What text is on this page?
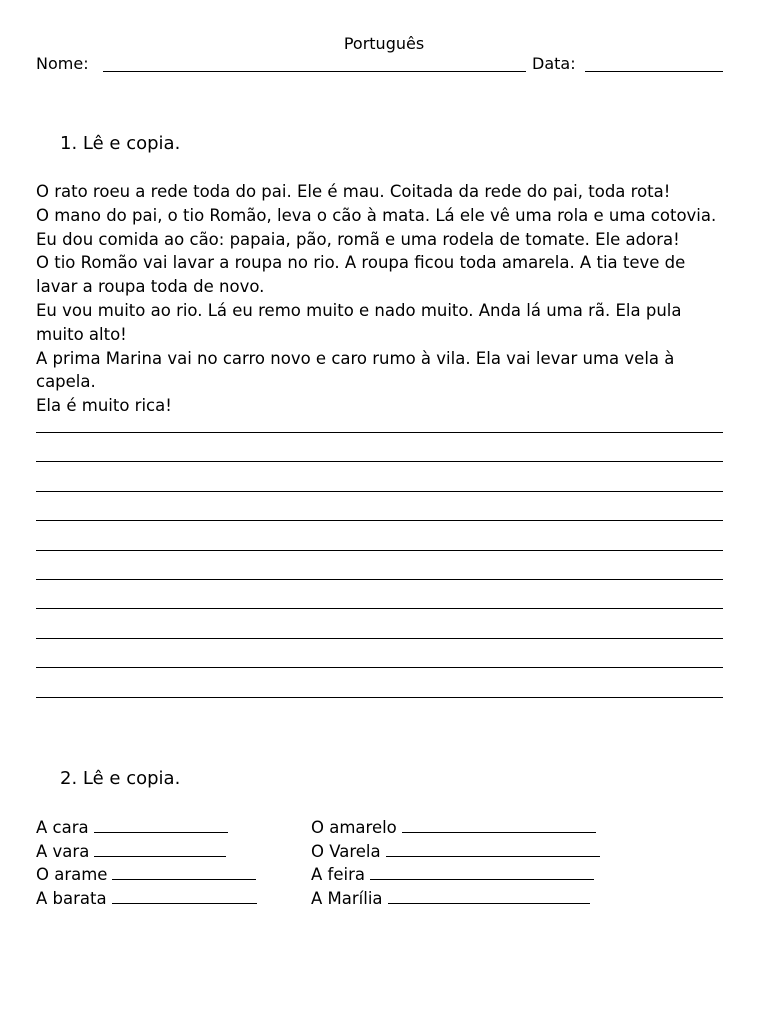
Português
Nome:	Data:
1. Lê e copia.
O rato roeu a rede toda do pai. Ele é mau. Coitada da rede do pai, toda rota!
O mano do pai, o tio Romão, leva o cão à mata. Lá ele vê uma rola e uma cotovia.
Eu dou comida ao cão: papaia, pão, romã e uma rodela de tomate. Ele adora!
O tio Romão vai lavar a roupa no rio. A roupa ficou toda amarela. A tia teve de
lavar a roupa toda de novo.
Eu vou muito ao rio. Lá eu remo muito e nado muito. Anda lá uma rã. Ela pula
muito alto!
A prima Marina vai no carro novo e caro rumo à vila. Ela vai levar uma vela à
capela.
Ela é muito rica!
2. Lê e copia.
A cara
A vara
O arame
A barata
O amarelo
O Varela
A feira
A Marília
